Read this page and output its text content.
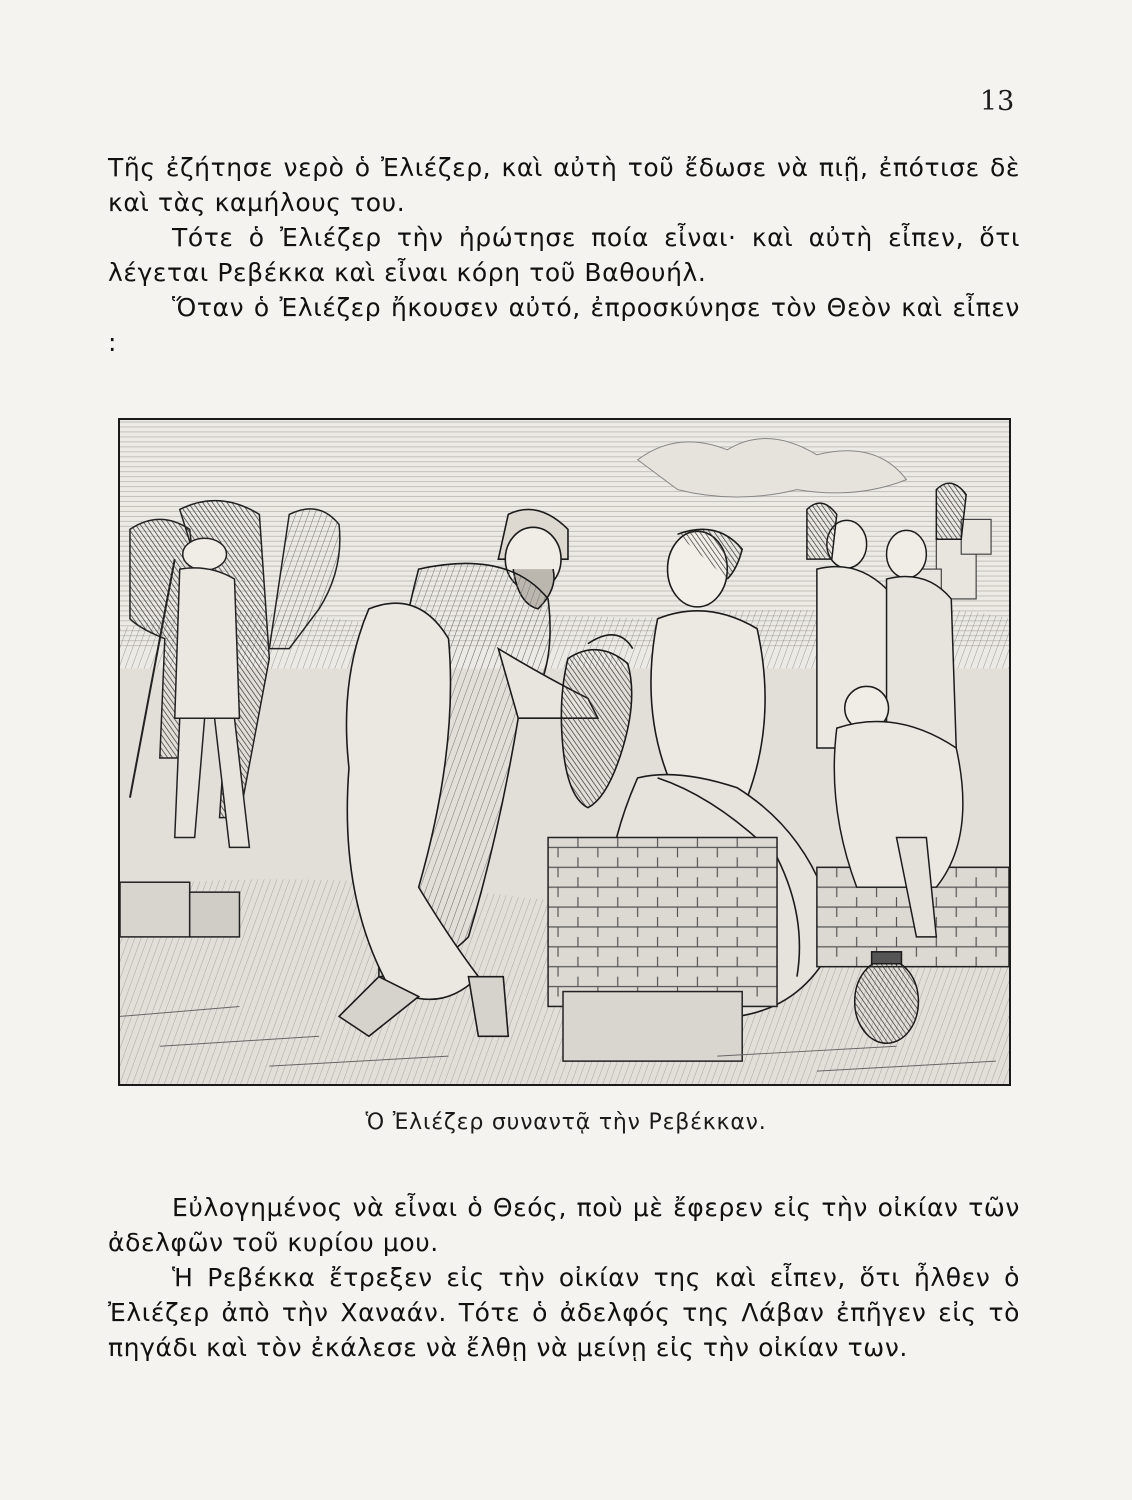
13

Τῆς ἐζήτησε νερὸ ὁ Ἐλιέζερ, καὶ αὐτὴ τοῦ ἔδωσε νὰ πιῇ, ἐπότισε δὲ καὶ τὰς καμήλους του.

Τότε ὁ Ἐλιέζερ τὴν ἠρώτησε ποία εἶναι· καὶ αὐτὴ εἶπεν, ὅτι λέγεται Ρεβέκκα καὶ εἶναι κόρη τοῦ Βαθουήλ.

Ὅταν ὁ Ἐλιέζερ ἤκουσεν αὐτό, ἐπροσκύνησε τὸν Θεὸν καὶ εἶπεν :

Ὁ Ἐλιέζερ συναντᾷ τὴν Ρεβέκκαν.

Εὐλογημένος νὰ εἶναι ὁ Θεός, ποὺ μὲ ἔφερεν εἰς τὴν οἰκίαν τῶν ἀδελφῶν τοῦ κυρίου μου.

Ἡ Ρεβέκκα ἔτρεξεν εἰς τὴν οἰκίαν της καὶ εἶπεν, ὅτι ἦλθεν ὁ Ἐλιέζερ ἀπὸ τὴν Χαναάν. Τότε ὁ ἀδελφός της Λάβαν ἐπῆγεν εἰς τὸ πηγάδι καὶ τὸν ἐκάλεσε νὰ ἔλθῃ νὰ μείνῃ εἰς τὴν οἰκίαν των.
